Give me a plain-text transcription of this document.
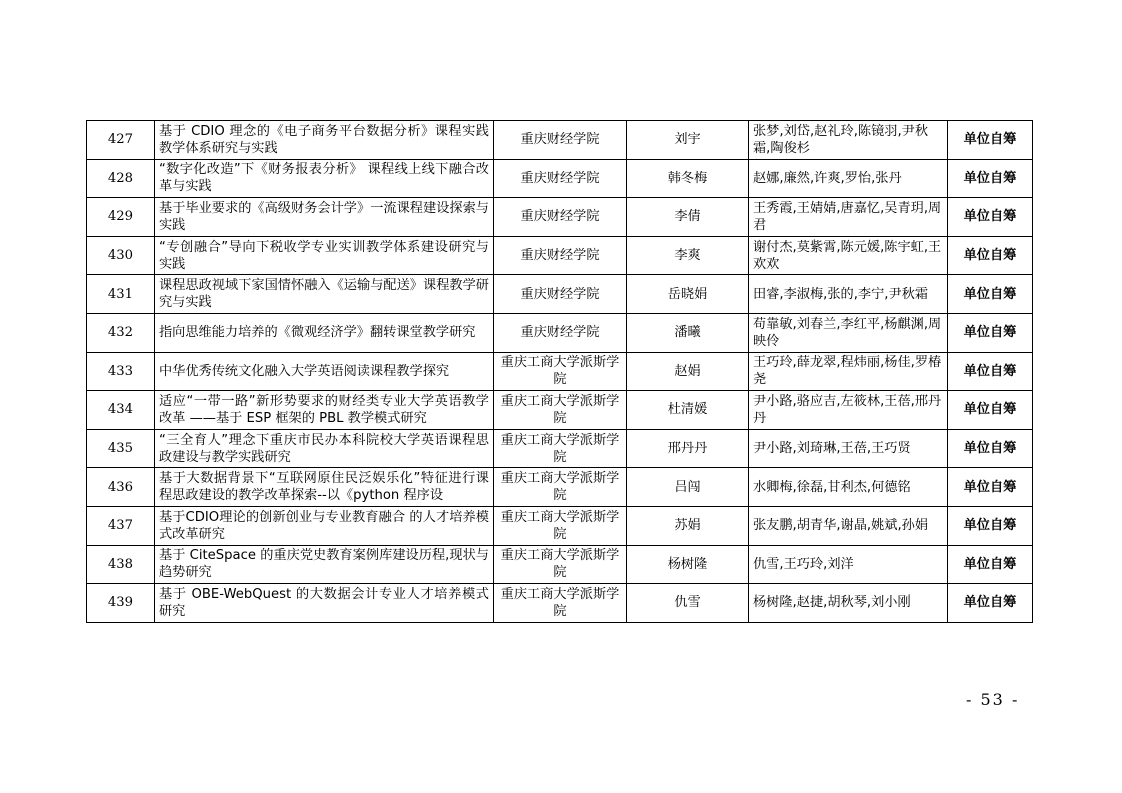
427	基于 CDIO 理念的《电子商务平台数据分析》课程实践教学体系研究与实践	重庆财经学院	刘宇	张梦,刘岱,赵礼玲,陈镜羽,尹秋霜,陶俊杉	单位自筹
428	“数字化改造”下《财务报表分析》 课程线上线下融合改革与实践	重庆财经学院	韩冬梅	赵娜,廉然,许爽,罗怡,张丹	单位自筹
429	基于毕业要求的《高级财务会计学》一流课程建设探索与实践	重庆财经学院	李倩	王秀霞,王婧婧,唐嘉忆,吴青玥,周君	单位自筹
430	“专创融合”导向下税收学专业实训教学体系建设研究与实践	重庆财经学院	李爽	谢付杰,莫紫霄,陈元媛,陈宇虹,王欢欢	单位自筹
431	课程思政视域下家国情怀融入《运输与配送》课程教学研究与实践	重庆财经学院	岳晓娟	田睿,李淑梅,张的,李宁,尹秋霜	单位自筹
432	指向思维能力培养的《微观经济学》翻转课堂教学研究	重庆财经学院	潘曦	苟靠敏,刘春兰,李红平,杨麒渊,周映伶	单位自筹
433	中华优秀传统文化融入大学英语阅读课程教学探究	重庆工商大学派斯学院	赵娟	王巧玲,薛龙翠,程炜丽,杨佳,罗椿尧	单位自筹
434	适应“一带一路”新形势要求的财经类专业大学英语教学改革 ——基于 ESP 框架的 PBL 教学模式研究	重庆工商大学派斯学院	杜清媛	尹小路,骆应吉,左筱林,王蓓,邢丹丹	单位自筹
435	“三全育人”理念下重庆市民办本科院校大学英语课程思政建设与教学实践研究	重庆工商大学派斯学院	邢丹丹	尹小路,刘琦琳,王蓓,王巧贤	单位自筹
436	基于大数据背景下“互联网原住民泛娱乐化”特征进行课程思政建设的教学改革探索--以《python 程序设	重庆工商大学派斯学院	吕闯	水卿梅,徐磊,甘利杰,何德铭	单位自筹
437	基于CDIO理论的创新创业与专业教育融合 的人才培养模式改革研究	重庆工商大学派斯学院	苏娟	张友鹏,胡青华,谢晶,姚斌,孙娟	单位自筹
438	基于 CiteSpace 的重庆党史教育案例库建设历程,现状与趋势研究	重庆工商大学派斯学院	杨树隆	仇雪,王巧玲,刘洋	单位自筹
439	基于 OBE-WebQuest 的大数据会计专业人才培养模式研究	重庆工商大学派斯学院	仇雪	杨树隆,赵捷,胡秋琴,刘小刚	单位自筹
- 53 -
